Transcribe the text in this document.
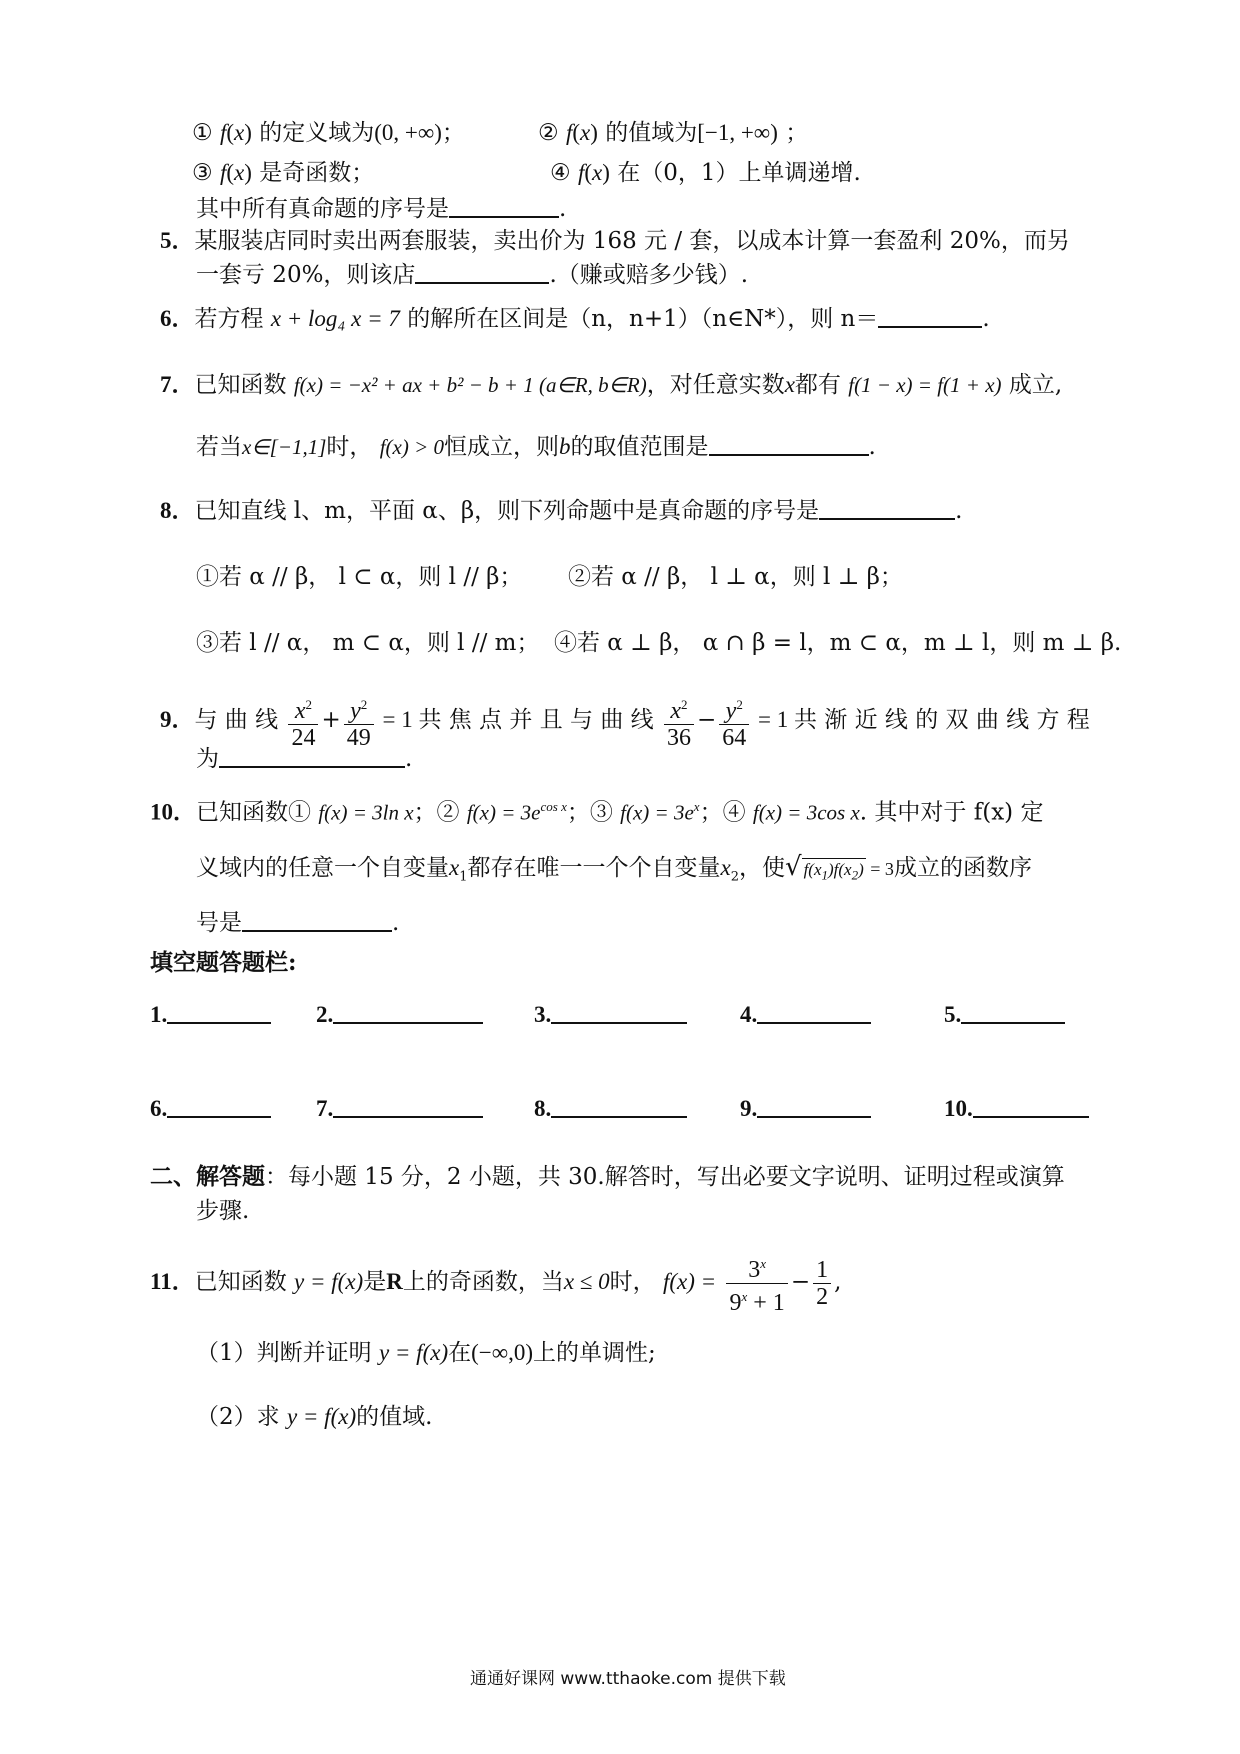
① f(x) 的定义域为(0, +∞)；	② f(x) 的值域为[−1, +∞) ；
③ f(x) 是奇函数；	④ f(x) 在（0，1）上单调递增.
其中所有真命题的序号是	.
5．某服装店同时卖出两套服装，卖出价为 168 元 / 套，以成本计算一套盈利 20%，而另
一套亏 20%，则该店	.（赚或赔多少钱）.
6．若方程 x + log₄ x = 7 的解所在区间是（n，n+1）（n∈N*），则 n＝	.
7．已知函数 f(x) = −x² + ax + b² − b + 1 (a∈R, b∈R)，对任意实数x都有 f(1 − x) = f(1 + x) 成立,
若当x∈[−1,1]时， f(x) > 0恒成立，则b的取值范围是	.
8．已知直线 l、m，平面 α、β，则下列命题中是真命题的序号是	.
①若 α // β， l ⊂ α，则 l // β； ②若 α // β， l ⊥ α，则 l ⊥ β；
③若 l // α， m ⊂ α，则 l // m； ④若 α ⊥ β， α ∩ β = l，m ⊂ α，m ⊥ l，则 m ⊥ β.
9．与 曲 线 $\frac{x^2}{24} + \frac{y^2}{49} = 1$ 共 焦 点 并 且 与 曲 线 $\frac{x^2}{36} - \frac{y^2}{64} = 1$ 共 渐 近 线 的 双 曲 线 方 程
为	.
10．已知函数① f(x) = 3ln x；② $f(x) = 3e^{cos x}$；③ $f(x) = 3e^x$；④ f(x) = 3cos x. 其中对于 f(x) 定
义域内的任意一个自变量$x_1$都存在唯一一个个自变量$x_2$，使√ $f(x_1)f(x_2) = 3$成立的函数序
号是	.
填空题答题栏:
1.	2.	3.	4.	5.
6.	7.	8.	9.	10.
二、解答题：每小题 15 分，2 小题，共 30.解答时，写出必要文字说明、证明过程或演算
步骤.
11．已知函数 y = f(x)是R上的奇函数，当x ≤ 0时， $f(x) = \frac{3^x}{9^x + 1} - \frac{1}{2}$ ,
（1）判断并证明 y = f(x)在(−∞,0)上的单调性;
（2）求 y = f(x)的值域.
通通好课网 www.tthaoke.com 提供下载
